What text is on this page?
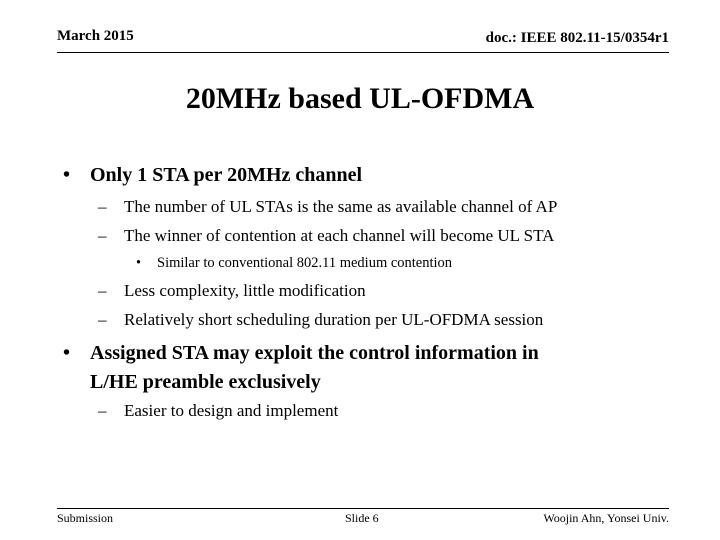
March 2015	doc.: IEEE 802.11-15/0354r1
20MHz based UL-OFDMA
• Only 1 STA per 20MHz channel
– The number of UL STAs is the same as available channel of AP
– The winner of contention at each channel will become UL STA
• Similar to conventional 802.11 medium contention
– Less complexity, little modification
– Relatively short scheduling duration per UL-OFDMA session
• Assigned STA may exploit the control information in
L/HE preamble exclusively
– Easier to design and implement
Submission	Slide 6	Woojin Ahn, Yonsei Univ.
